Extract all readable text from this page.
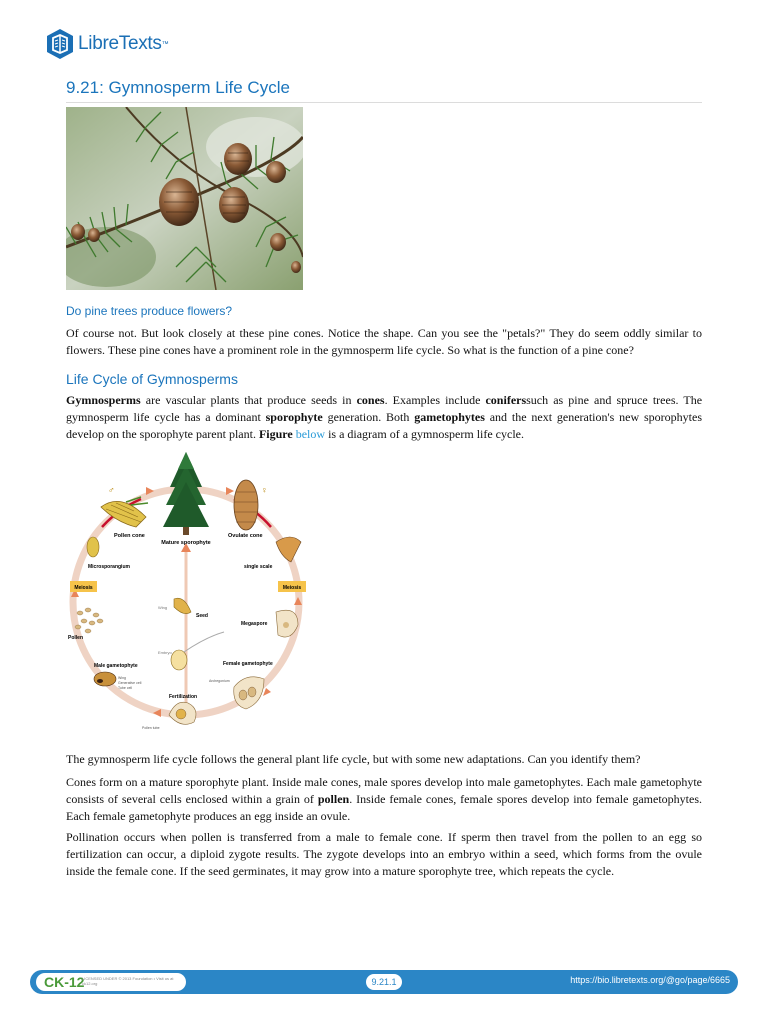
LibreTexts ™
9.21: Gymnosperm Life Cycle
Do pine trees produce flowers?

Of course not. But look closely at these pine cones. Notice the shape. Can you see the "petals?" They do seem oddly similar to flowers. These pine cones have a prominent role in the gymnosperm life cycle. So what is the function of a pine cone?

Life Cycle of Gymnosperms

Gymnosperms are vascular plants that produce seeds in cones. Examples include coniferssuch as pine and spruce trees. The gymnosperm life cycle has a dominant sporophyte generation. Both gametophytes and the next generation's new sporophytes develop on the sporophyte parent plant. Figure below is a diagram of a gymnosperm life cycle.

Mature sporophyte
♂
Pollen cone
♀
Ovulate cone
Microsporangium	single scale
Meiosis	Meiosis
Pollen
Wing
Seed
Embryo
Megaspore
Male gametophyte
Wing
Generative cell
Tube cell
Female gametophyte
Archegonium
Fertilization
Pollen tube

The gymnosperm life cycle follows the general plant life cycle, but with some new adaptations. Can you identify them?

Cones form on a mature sporophyte plant. Inside male cones, male spores develop into male gametophytes. Each male gametophyte consists of several cells enclosed within a grain of pollen. Inside female cones, female spores develop into female gametophytes. Each female gametophyte produces an egg inside an ovule.

Pollination occurs when pollen is transferred from a male to female cone. If sperm then travel from the pollen to an egg so fertilization can occur, a diploid zygote results. The zygote develops into an embryo within a seed, which forms from the ovule inside the female cone. If the seed germinates, it may grow into a mature sporophyte tree, which repeats the cycle.

CK-12
LICENSED UNDER © 2013 Foundation • Visit us at ck12.org	9.21.1	https://bio.libretexts.org/@go/page/6665
